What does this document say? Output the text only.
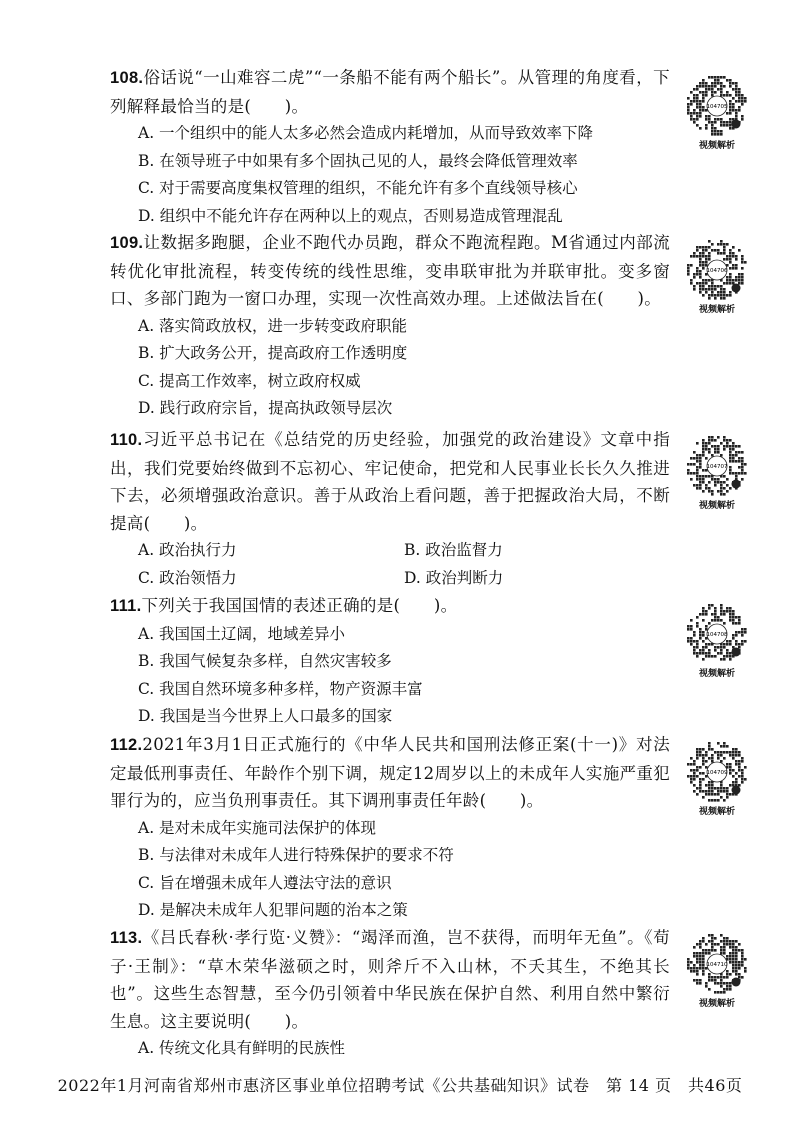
108.俗话说“一山难容二虎”“一条船不能有两个船长”。从管理的角度看，下列解释最恰当的是(　　)。

A. 一个组织中的能人太多必然会造成内耗增加，从而导致效率下降

B. 在领导班子中如果有多个固执己见的人，最终会降低管理效率

C. 对于需要高度集权管理的组织，不能允许有多个直线领导核心

D. 组织中不能允许存在两种以上的观点，否则易造成管理混乱

109.让数据多跑腿，企业不跑代办员跑，群众不跑流程跑。M省通过内部流转优化审批流程，转变传统的线性思维，变串联审批为并联审批。变多窗口、多部门跑为一窗口办理，实现一次性高效办理。上述做法旨在(　　)。

A. 落实简政放权，进一步转变政府职能

B. 扩大政务公开，提高政府工作透明度

C. 提高工作效率，树立政府权威

D. 践行政府宗旨，提高执政领导层次

110.习近平总书记在《总结党的历史经验，加强党的政治建设》文章中指出，我们党要始终做到不忘初心、牢记使命，把党和人民事业长长久久推进下去，必须增强政治意识。善于从政治上看问题，善于把握政治大局，不断提高(　　)。

A. 政治执行力	B. 政治监督力

C. 政治领悟力	D. 政治判断力

111.下列关于我国国情的表述正确的是(　　)。

A. 我国国土辽阔，地域差异小

B. 我国气候复杂多样，自然灾害较多

C. 我国自然环境多种多样，物产资源丰富

D. 我国是当今世界上人口最多的国家

112.2021年3月1日正式施行的《中华人民共和国刑法修正案(十一)》对法定最低刑事责任、年龄作个别下调，规定12周岁以上的未成年人实施严重犯罪行为的，应当负刑事责任。其下调刑事责任年龄(　　)。

A. 是对未成年实施司法保护的体现

B. 与法律对未成年人进行特殊保护的要求不符

C. 旨在增强未成年人遵法守法的意识

D. 是解决未成年人犯罪问题的治本之策

113.《吕氏春秋·孝行览·义赞》：“竭泽而渔，岂不获得，而明年无鱼”。《荀子·王制》：“草木荣华滋硕之时，则斧斤不入山林，不夭其生，不绝其长也”。这些生态智慧，至今仍引领着中华民族在保护自然、利用自然中繁衍生息。这主要说明(　　)。

A. 传统文化具有鲜明的民族性

104705
视频解析
104706
视频解析
104707
视频解析
104708
视频解析
104709
视频解析
104710
视频解析
2022年1月河南省郑州市惠济区事业单位招聘考试《公共基础知识》试卷　第 14 页　共46页
